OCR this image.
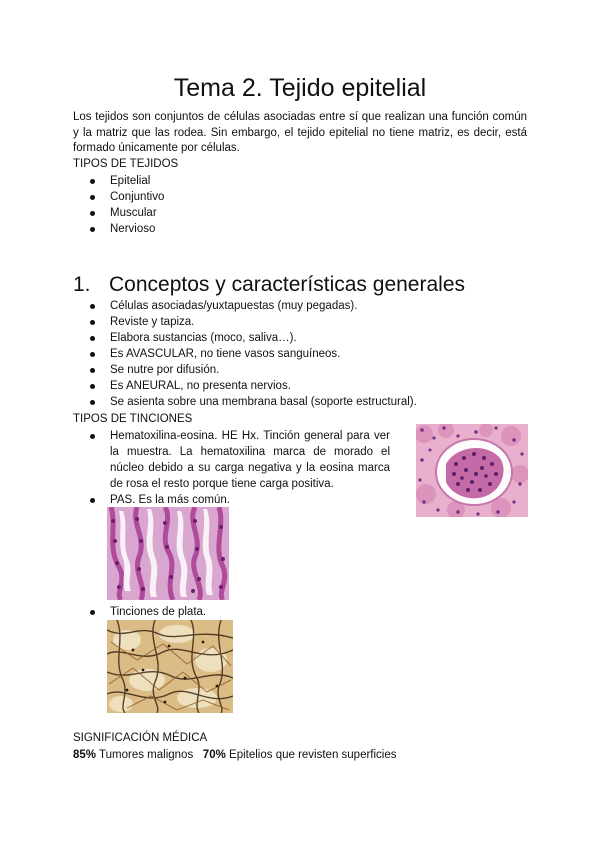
Tema 2. Tejido epitelial

Los tejidos son conjuntos de células asociadas entre sí que realizan una función común y la matriz que las rodea. Sin embargo, el tejido epitelial no tiene matriz, es decir, está formado únicamente por células.

TIPOS DE TEJIDOS

Epitelial
Conjuntivo
Muscular
Nervioso
1. Conceptos y características generales
Células asociadas/yuxtapuestas (muy pegadas).
Reviste y tapiza.
Elabora sustancias (moco, saliva…).
Es AVASCULAR, no tiene vasos sanguíneos.
Se nutre por difusión.
Es ANEURAL, no presenta nervios.
Se asienta sobre una membrana basal (soporte estructural).

TIPOS DE TINCIONES

Hematoxilina-eosina. HE Hx. Tinción general para ver la muestra. La hematoxilina marca de morado el núcleo debido a su carga negativa y la eosina marca de rosa el resto porque tiene carga positiva.
PAS. Es la más común.
Tinciones de plata.

SIGNIFICACIÓN MÉDICA

85% Tumores malignos 70% Epitelios que revisten superficies
